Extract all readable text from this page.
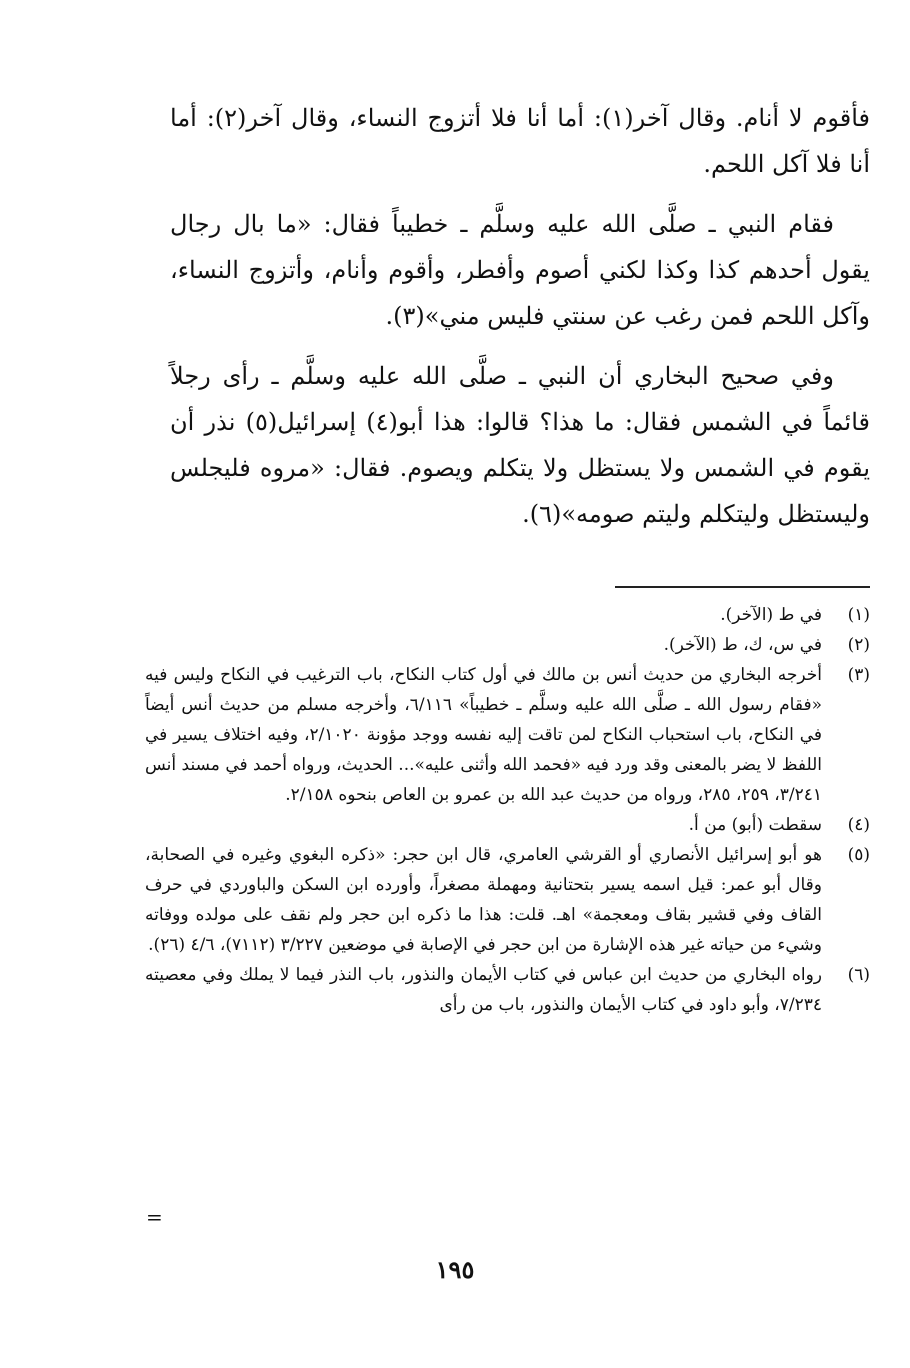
فأقوم لا أنام. وقال آخر(١): أما أنا فلا أتزوج النساء، وقال آخر(٢): أما أنا فلا آكل اللحم.

فقام النبي ـ صلَّى الله عليه وسلَّم ـ خطيباً فقال: «ما بال رجال يقول أحدهم كذا وكذا لكني أصوم وأفطر، وأقوم وأنام، وأتزوج النساء، وآكل اللحم فمن رغب عن سنتي فليس مني»(٣).

وفي صحيح البخاري أن النبي ـ صلَّى الله عليه وسلَّم ـ رأى رجلاً قائماً في الشمس فقال: ما هذا؟ قالوا: هذا أبو(٤) إسرائيل(٥) نذر أن يقوم في الشمس ولا يستظل ولا يتكلم ويصوم. فقال: «مروه فليجلس وليستظل وليتكلم وليتم صومه»(٦).

(١)
في ط (الآخر).
(٢)
في س، ك، ط (الآخر).
(٣)
أخرجه البخاري من حديث أنس بن مالك في أول كتاب النكاح، باب الترغيب في النكاح وليس فيه «فقام رسول الله ـ صلَّى الله عليه وسلَّم ـ خطيباً» ٦/١١٦، وأخرجه مسلم من حديث أنس أيضاً في النكاح، باب استحباب النكاح لمن تاقت إليه نفسه ووجد مؤونة ٢/١٠٢٠، وفيه اختلاف يسير في اللفظ لا يضر بالمعنى وقد ورد فيه «فحمد الله وأثنى عليه»... الحديث، ورواه أحمد في مسند أنس ٣/٢٤١، ٢٥٩، ٢٨٥، ورواه من حديث عبد الله بن عمرو بن العاص بنحوه ٢/١٥٨.
(٤)
سقطت (أبو) من أ.
(٥)
هو أبو إسرائيل الأنصاري أو القرشي العامري، قال ابن حجر: «ذكره البغوي وغيره في الصحابة، وقال أبو عمر: قيل اسمه يسير بتحتانية ومهملة مصغراً، وأورده ابن السكن والباوردي في حرف القاف وفي قشير بقاف ومعجمة» اهـ. قلت: هذا ما ذكره ابن حجر ولم نقف على مولده ووفاته وشيء من حياته غير هذه الإشارة من ابن حجر في الإصابة في موضعين ٣/٢٢٧ (٧١١٢)، ٤/٦ (٢٦).
(٦)
رواه البخاري من حديث ابن عباس في كتاب الأيمان والنذور، باب النذر فيما لا يملك وفي معصيته ٧/٢٣٤، وأبو داود في كتاب الأيمان والنذور، باب من رأى
=
١٩٥
